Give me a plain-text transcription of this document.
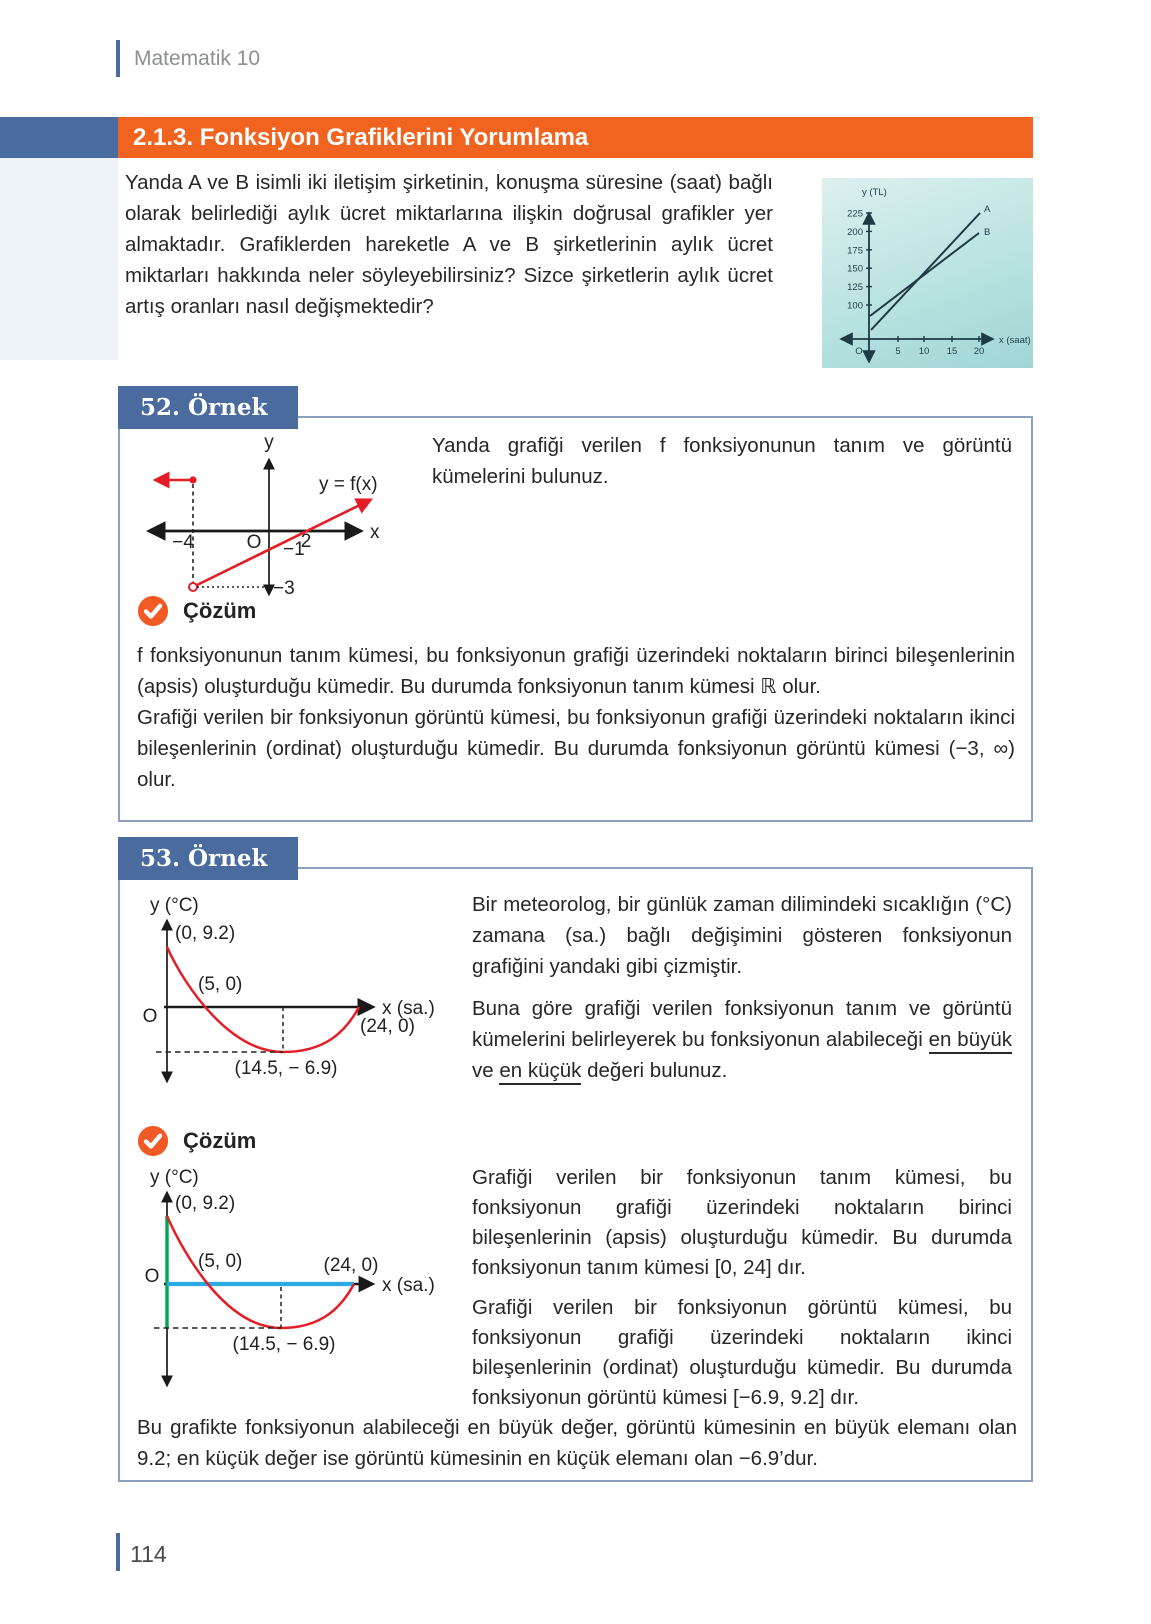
Matematik 10
2.1.3. Fonksiyon Grafiklerini Yorumlama

Yanda A ve B isimli iki iletişim şirketinin, konuşma süresine (saat) bağlı olarak belirlediği aylık ücret miktarlarına ilişkin doğrusal grafikler yer almaktadır. Grafiklerden hareketle A ve B şirketlerinin aylık ücret miktarları hakkında neler söyleyebilirsiniz? Sizce şirketlerin aylık ücret artış oranları nasıl değişmektedir?

225
200
175
150
125
100
5 10 15 20
O
y (TL)
x (saat)
A
B
52. Örnek
y
x
y = f(x)
−4	O 2
−1
−3

Yanda grafiği verilen f fonksiyonunun tanım ve görüntü kümelerini bulunuz.

Çözüm

f fonksiyonunun tanım kümesi, bu fonksiyonun grafiği üzerindeki noktaların birinci bileşenlerinin (apsis) oluşturduğu kümedir. Bu durumda fonksiyonun tanım kümesi ℝ olur.

Grafiği verilen bir fonksiyonun görüntü kümesi, bu fonksiyonun grafiği üzerindeki noktaların ikinci bileşenlerinin (ordinat) oluşturduğu kümedir. Bu durumda fonksiyonun görüntü kümesi (−3, ∞) olur.

53. Örnek
y (°C)
(0, 9.2)
(5, 0)
O	x (sa.)
(24, 0)
(14.5, − 6.9)

Bir meteorolog, bir günlük zaman dilimindeki sıcaklığın (°C) zamana (sa.) bağlı değişimini gösteren fonksiyonun grafiğini yandaki gibi çizmiştir.

Buna göre grafiği verilen fonksiyonun tanım ve görüntü kümelerini belirleyerek bu fonksiyonun alabileceği en büyük ve en küçük değeri bulunuz.

Çözüm
y (°C)
(0, 9.2)
(5, 0)
O
(24, 0)
x (sa.)
(14.5, − 6.9)

Grafiği verilen bir fonksiyonun tanım kümesi, bu fonksiyonun grafiği üzerindeki noktaların birinci bileşenlerinin (apsis) oluşturduğu kümedir. Bu durumda fonksiyonun tanım kümesi [0, 24] dır.

Grafiği verilen bir fonksiyonun görüntü kümesi, bu fonksiyonun grafiği üzerindeki noktaların ikinci bileşenlerinin (ordinat) oluşturduğu kümedir. Bu durumda fonksiyonun görüntü kümesi [−6.9, 9.2] dır.

Bu grafikte fonksiyonun alabileceği en büyük değer, görüntü kümesinin en büyük elemanı olan 9.2; en küçük değer ise görüntü kümesinin en küçük elemanı olan −6.9’dur.

114
